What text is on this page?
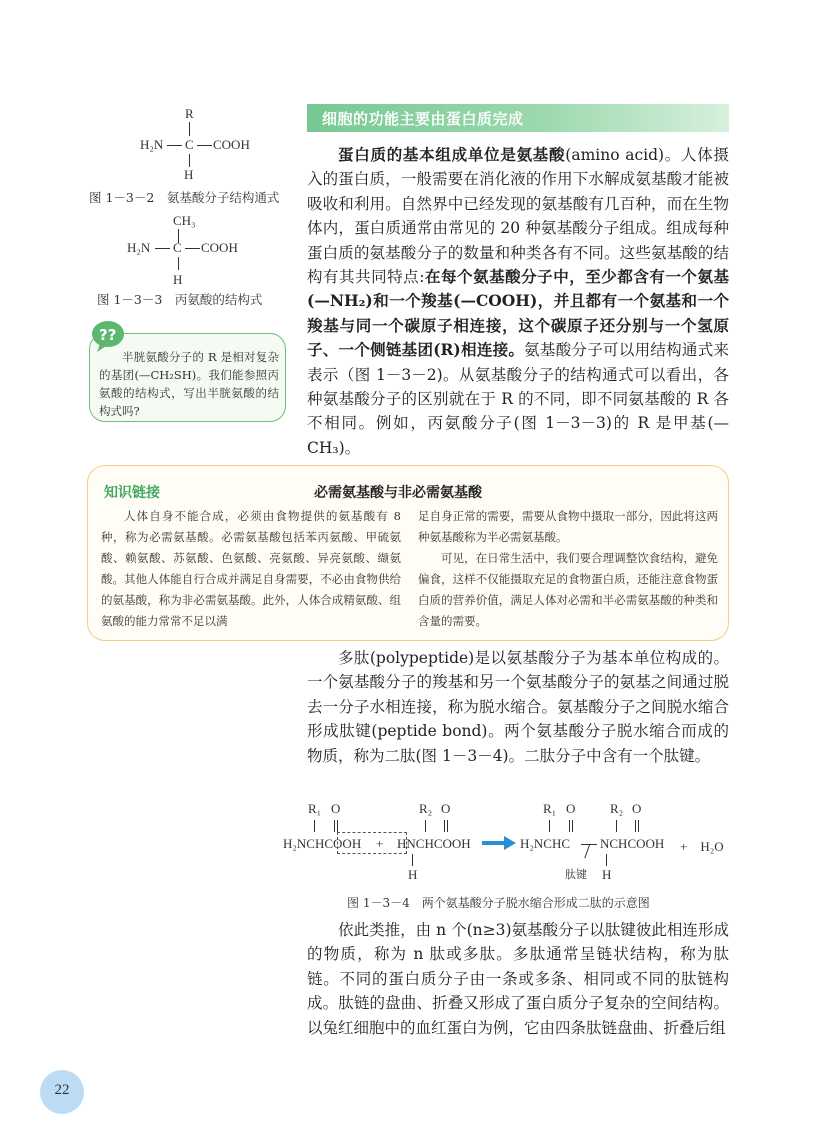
R
H₂N C COOH
H
图 1－3－2　氨基酸分子结构通式
CH₃
H₂N C COOH
H
图 1－3－3　丙氨酸的结构式
??
半胱氨酸分子的 R 是相对复杂的基团(—CH₂SH)。我们能参照丙氨酸的结构式，写出半胱氨酸的结构式吗?
细胞的功能主要由蛋白质完成

蛋白质的基本组成单位是氨基酸(amino acid)。人体摄入的蛋白质，一般需要在消化液的作用下水解成氨基酸才能被吸收和利用。自然界中已经发现的氨基酸有几百种，而在生物体内，蛋白质通常由常见的 20 种氨基酸分子组成。组成每种蛋白质的氨基酸分子的数量和种类各有不同。这些氨基酸的结构有其共同特点:在每个氨基酸分子中，至少都含有一个氨基(—NH₂)和一个羧基(—COOH)，并且都有一个氨基和一个羧基与同一个碳原子相连接，这个碳原子还分别与一个氢原子、一个侧链基团(R)相连接。氨基酸分子可以用结构通式来表示（图 1－3－2)。从氨基酸分子的结构通式可以看出，各种氨基酸分子的区别就在于 R 的不同，即不同氨基酸的 R 各不相同。例如，丙氨酸分子(图 1－3－3)的 R 是甲基(—CH₃)。

知识链接	必需氨基酸与非必需氨基酸

人体自身不能合成，必须由食物提供的氨基酸有 8 种，称为必需氨基酸。必需氨基酸包括苯丙氨酸、甲硫氨酸、赖氨酸、苏氨酸、色氨酸、亮氨酸、异亮氨酸、缬氨酸。其他人体能自行合成并满足自身需要，不必由食物供给的氨基酸，称为非必需氨基酸。此外，人体合成精氨酸、组氨酸的能力常常不足以满

足自身正常的需要，需要从食物中摄取一部分，因此将这两种氨基酸称为半必需氨基酸。

可见，在日常生活中，我们要合理调整饮食结构，避免偏食，这样不仅能摄取充足的食物蛋白质，还能注意食物蛋白质的营养价值，满足人体对必需和半必需氨基酸的种类和含量的需要。

多肽(polypeptide)是以氨基酸分子为基本单位构成的。一个氨基酸分子的羧基和另一个氨基酸分子的氨基之间通过脱去一分子水相连接，称为脱水缩合。氨基酸分子之间脱水缩合形成肽键(peptide bond)。两个氨基酸分子脱水缩合而成的物质，称为二肽(图 1－3－4)。二肽分子中含有一个肽键。

R₁ O	R₂ O
H₂NCHCOOH + HNCHCOOH
H
R₁ O	R₂ O
H₂NCHC NCHCOOH +　H₂O
肽键 H
图 1－3－4　两个氨基酸分子脱水缩合形成二肽的示意图

依此类推，由 n 个(n≥3)氨基酸分子以肽键彼此相连形成的物质，称为 n 肽或多肽。多肽通常呈链状结构，称为肽链。不同的蛋白质分子由一条或多条、相同或不同的肽链构成。肽链的盘曲、折叠又形成了蛋白质分子复杂的空间结构。以兔红细胞中的血红蛋白为例，它由四条肽链盘曲、折叠后组

22
